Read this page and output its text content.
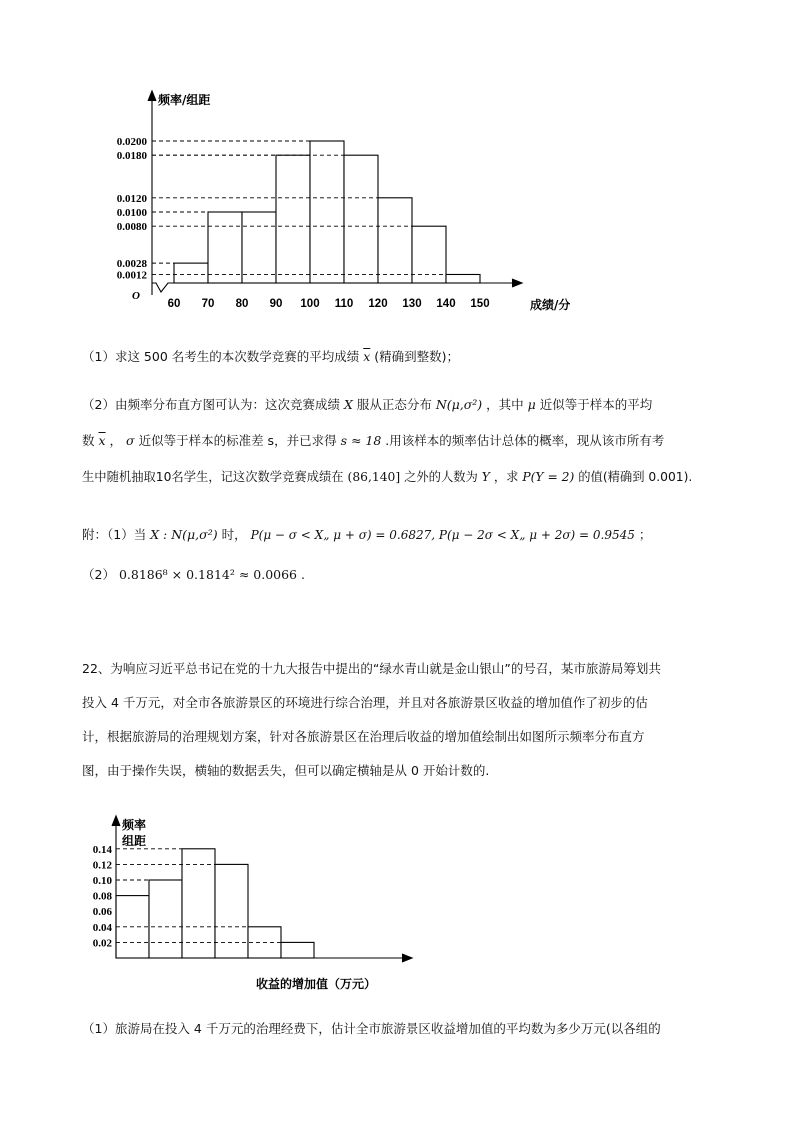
0.0200
0.0180
0.0120
0.0100
0.0080
0.0028
0.0012
60 70 80 90 100 110 120 130 140 150
频率/组距
成绩/分
O
（1）求这 500 名考生的本次数学竞赛的平均成绩 $\overline{x}$ (精确到整数)；
（2）由频率分布直方图可认为：这次竞赛成绩 X 服从正态分布 N(μ,σ²) ，其中 μ 近似等于样本的平均
数 $\overline{x}$ ， σ 近似等于样本的标准差 s，并已求得 s ≈ 18 .用该样本的频率估计总体的概率，现从该市所有考
生中随机抽取10名学生，记这次数学竞赛成绩在 (86,140] 之外的人数为 Y ，求 P(Y = 2) 的值(精确到 0.001).
附：（1）当 X : N(μ,σ²) 时， P(μ − σ < X„ μ + σ) = 0.6827, P(μ − 2σ < X„ μ + 2σ) = 0.9545 ；
（2） 0.8186⁸ × 0.1814² ≈ 0.0066 .
22、为响应习近平总书记在党的十九大报告中提出的“绿水青山就是金山银山”的号召，某市旅游局筹划共
投入 4 千万元，对全市各旅游景区的环境进行综合治理，并且对各旅游景区收益的增加值作了初步的估
计，根据旅游局的治理规划方案，针对各旅游景区在治理后收益的增加值绘制出如图所示频率分布直方
图，由于操作失误，横轴的数据丢失，但可以确定横轴是从 0 开始计数的.
0.14
0.12
0.10
0.08
0.06
0.04
0.02
频率
组距
收益的增加值（万元）
（1）旅游局在投入 4 千万元的治理经费下，估计全市旅游景区收益增加值的平均数为多少万元(以各组的
